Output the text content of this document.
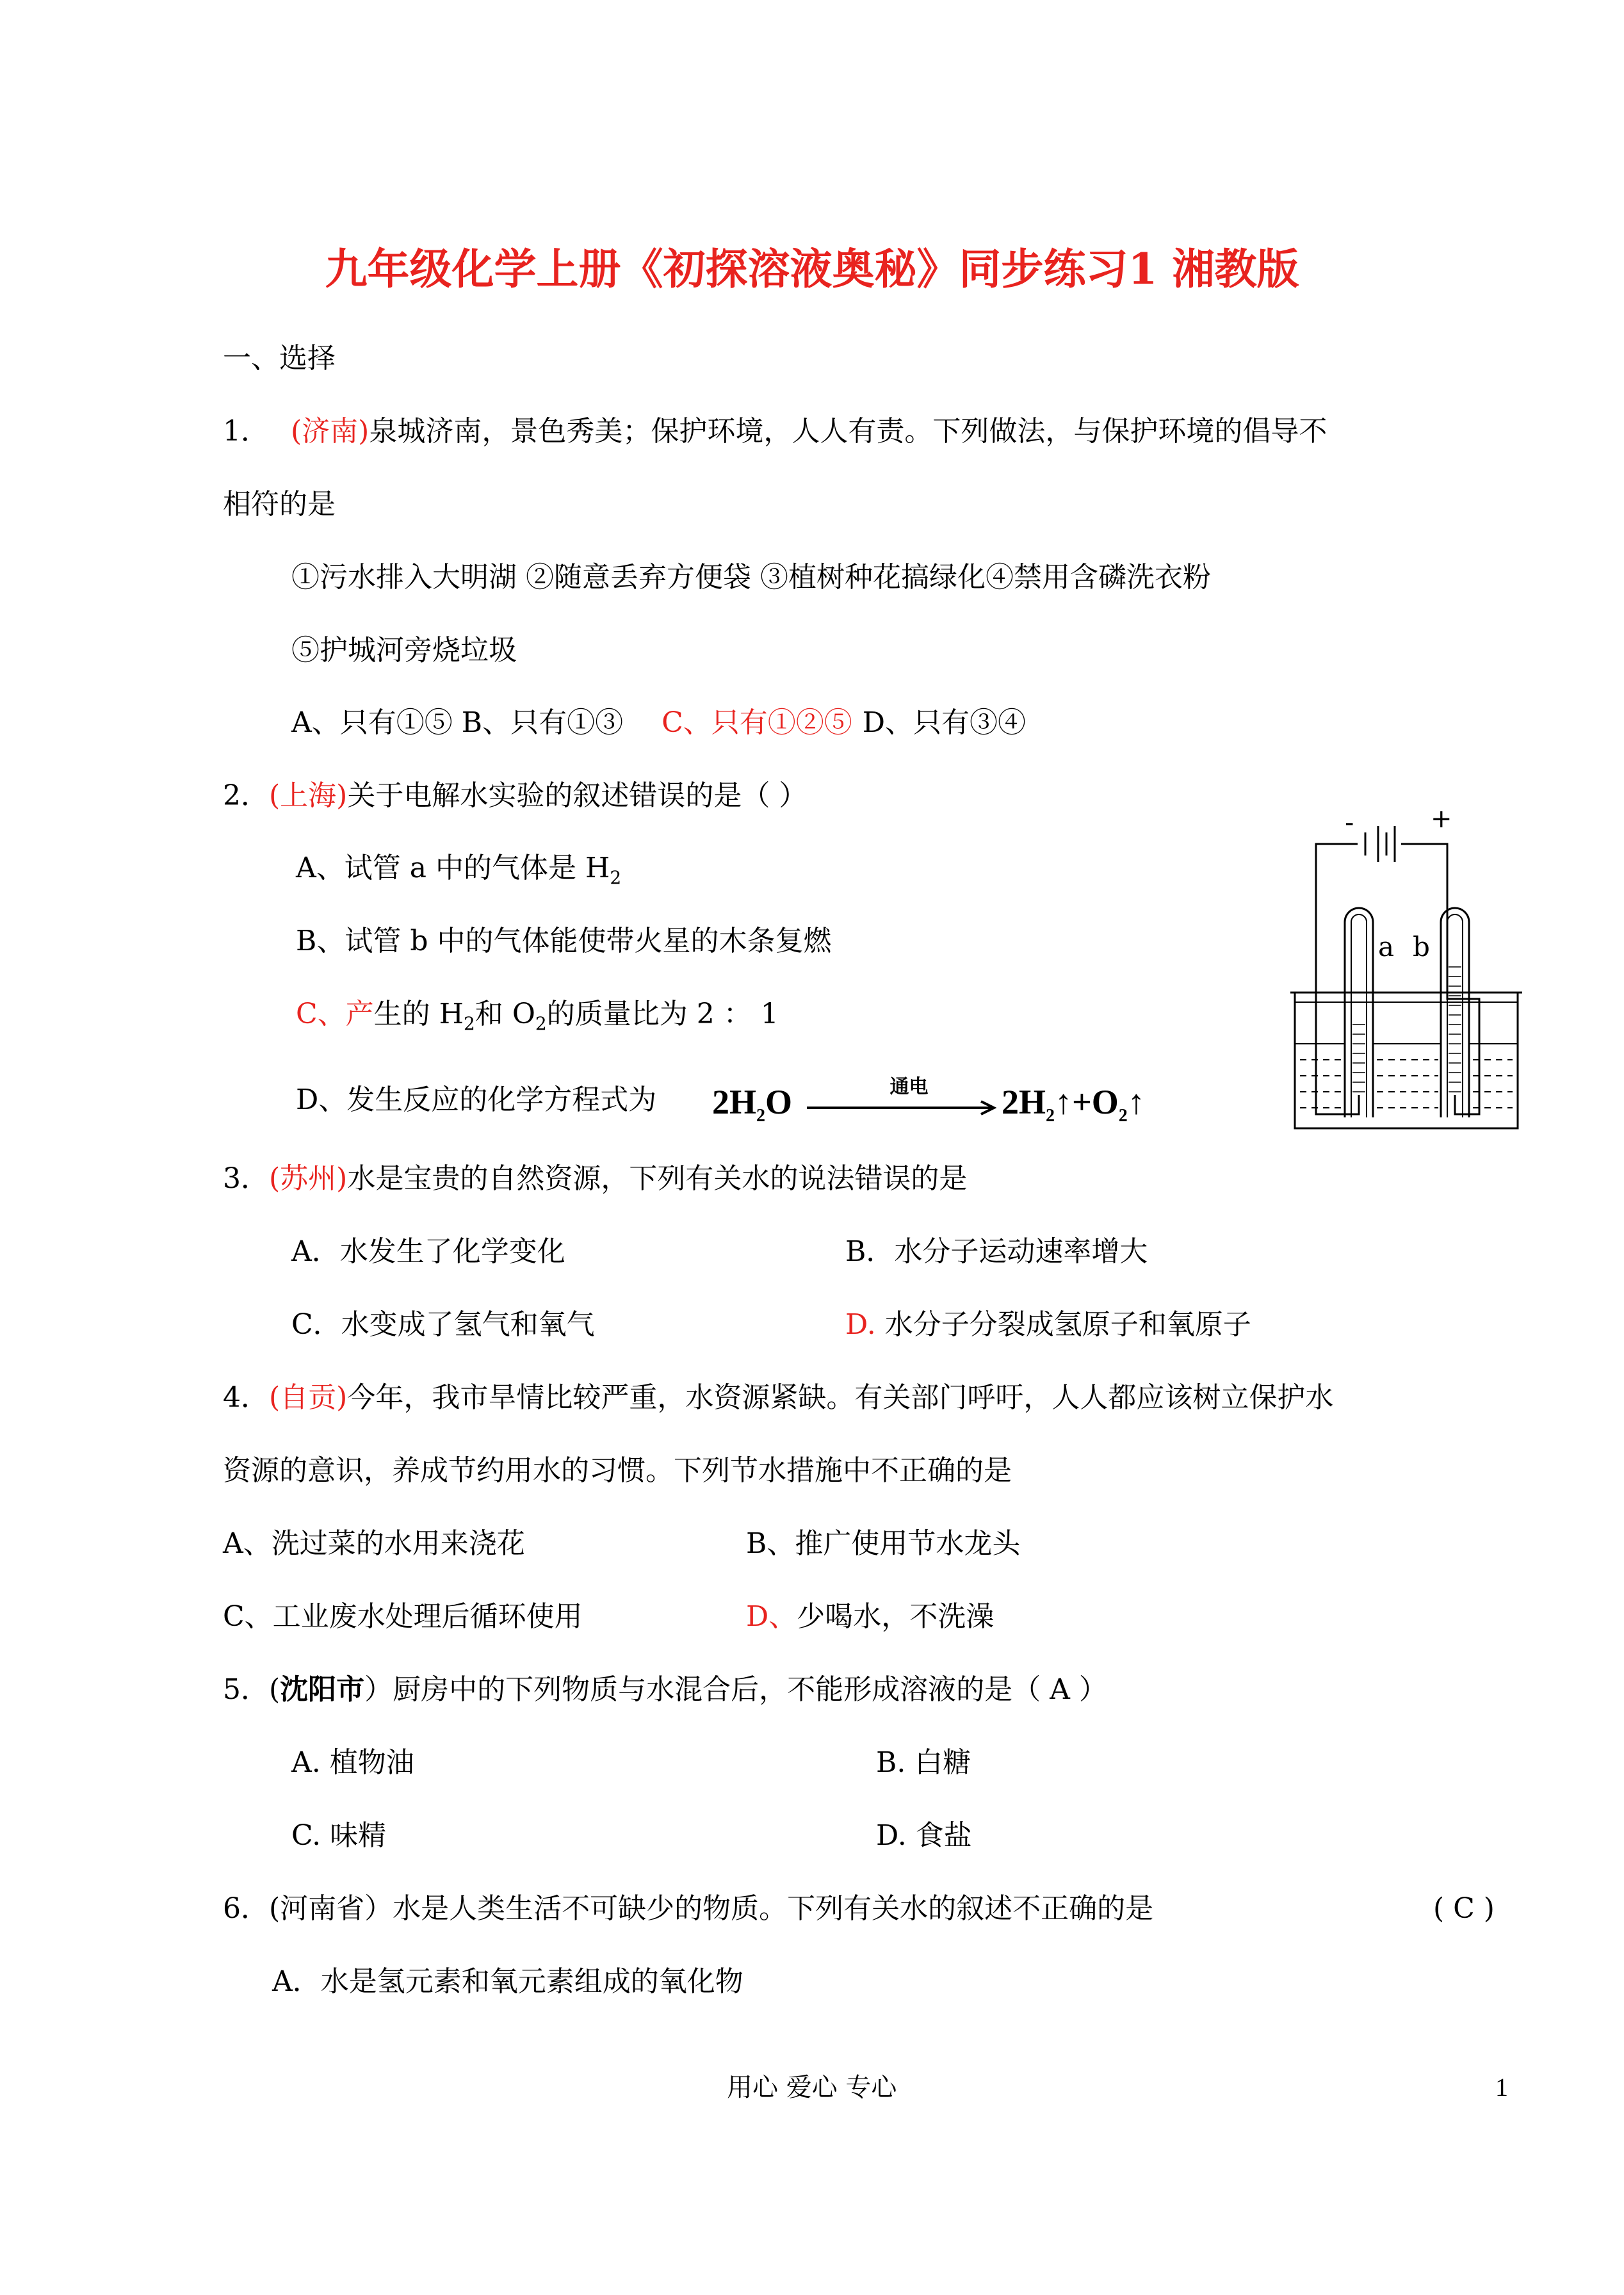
九年级化学上册《初探溶液奥秘》同步练习1 湘教版
一、选择
1． (济南)泉城济南，景色秀美；保护环境，人人有责。下列做法，与保护环境的倡导不
相符的是
①污水排入大明湖 ②随意丢弃方便袋 ③植树种花搞绿化④禁用含磷洗衣粉
⑤护城河旁烧垃圾
A、只有①⑤ B、只有①③ C、只有①②⑤ D、只有③④
2．(上海)关于电解水实验的叙述错误的是（ ）
A、试管 a 中的气体是 $H_2$
B、试管 b 中的气体能使带火星的木条复燃
C、产生的 $H_2$和 $O_2$的质量比为 2 ： 1
D、发生反应的化学方程式为 $2H_2O$	通电	$2H_2↑+O_2↑$
-	+
a b
3．(苏州)水是宝贵的自然资源，下列有关水的说法错误的是
A．水发生了化学变化	B．水分子运动速率增大
C．水变成了氢气和氧气	D. 水分子分裂成氢原子和氧原子
4．(自贡)今年，我市旱情比较严重，水资源紧缺。有关部门呼吁，人人都应该树立保护水
资源的意识，养成节约用水的习惯。下列节水措施中不正确的是
A、洗过菜的水用来浇花	B、推广使用节水龙头
C、工业废水处理后循环使用	D、少喝水，不洗澡
5．(沈阳市）厨房中的下列物质与水混合后，不能形成溶液的是（ A ）
A. 植物油	B. 白糖
C. 味精	D. 食盐
6．(河南省）水是人类生活不可缺少的物质。下列有关水的叙述不正确的是	( C )
A．水是氢元素和氧元素组成的氧化物
用心 爱心 专心	1
